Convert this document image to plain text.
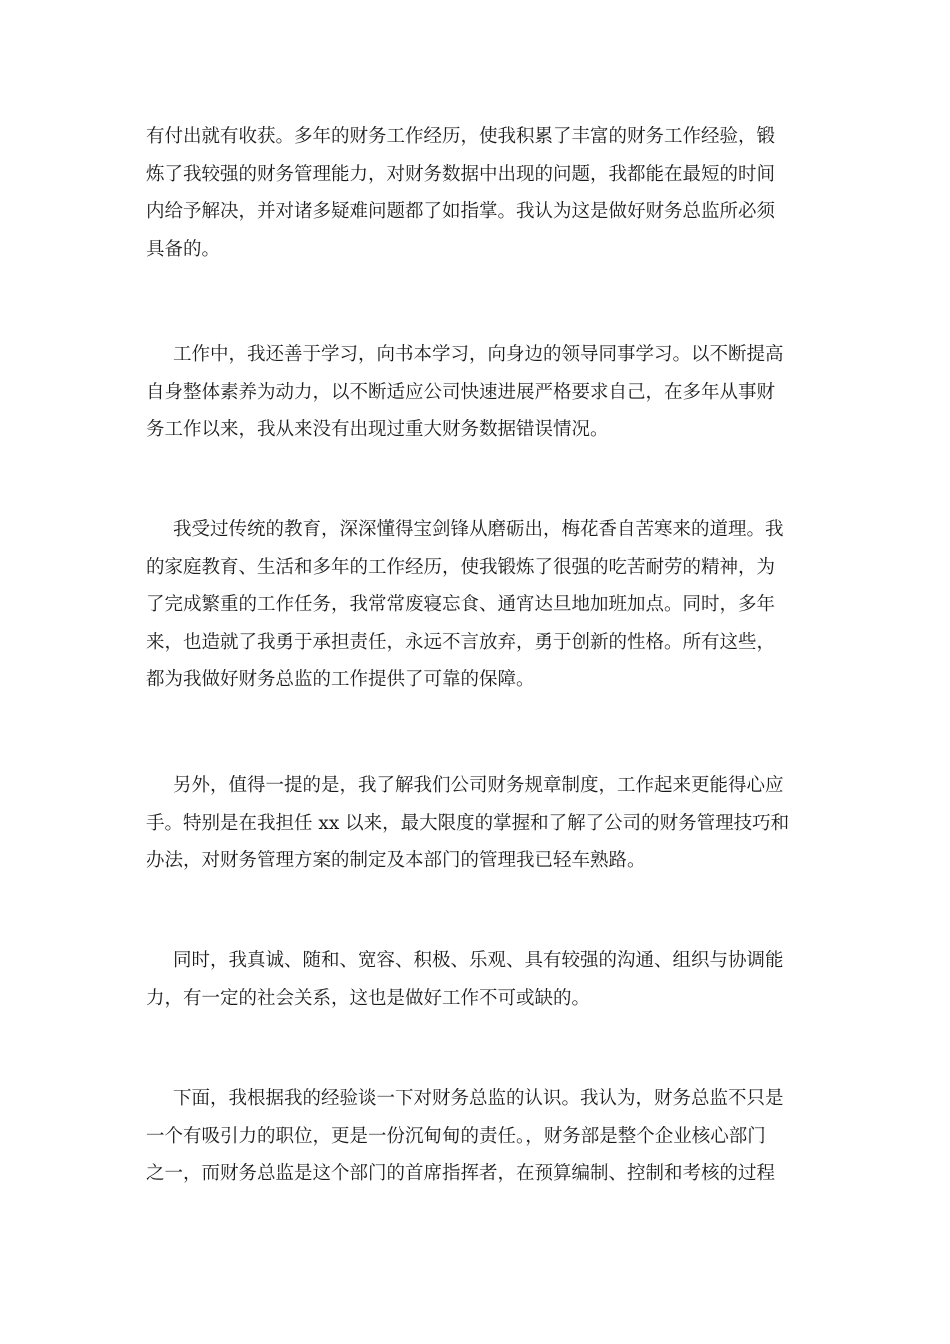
有付出就有收获。多年的财务工作经历，使我积累了丰富的财务工作经验，锻
炼了我较强的财务管理能力，对财务数据中出现的问题，我都能在最短的时间
内给予解决，并对诸多疑难问题都了如指掌。我认为这是做好财务总监所必须
具备的。

工作中，我还善于学习，向书本学习，向身边的领导同事学习。以不断提高
自身整体素养为动力，以不断适应公司快速进展严格要求自己，在多年从事财
务工作以来，我从来没有出现过重大财务数据错误情况。

我受过传统的教育，深深懂得宝剑锋从磨砺出，梅花香自苦寒来的道理。我
的家庭教育、生活和多年的工作经历，使我锻炼了很强的吃苦耐劳的精神，为
了完成繁重的工作任务，我常常废寝忘食、通宵达旦地加班加点。同时，多年
来，也造就了我勇于承担责任，永远不言放弃，勇于创新的性格。所有这些，
都为我做好财务总监的工作提供了可靠的保障。

另外，值得一提的是，我了解我们公司财务规章制度，工作起来更能得心应
手。特别是在我担任 xx 以来，最大限度的掌握和了解了公司的财务管理技巧和
办法，对财务管理方案的制定及本部门的管理我已轻车熟路。

同时，我真诚、随和、宽容、积极、乐观、具有较强的沟通、组织与协调能
力，有一定的社会关系，这也是做好工作不可或缺的。

下面，我根据我的经验谈一下对财务总监的认识。我认为，财务总监不只是
一个有吸引力的职位，更是一份沉甸甸的责任。，财务部是整个企业核心部门
之一，而财务总监是这个部门的首席指挥者，在预算编制、控制和考核的过程
